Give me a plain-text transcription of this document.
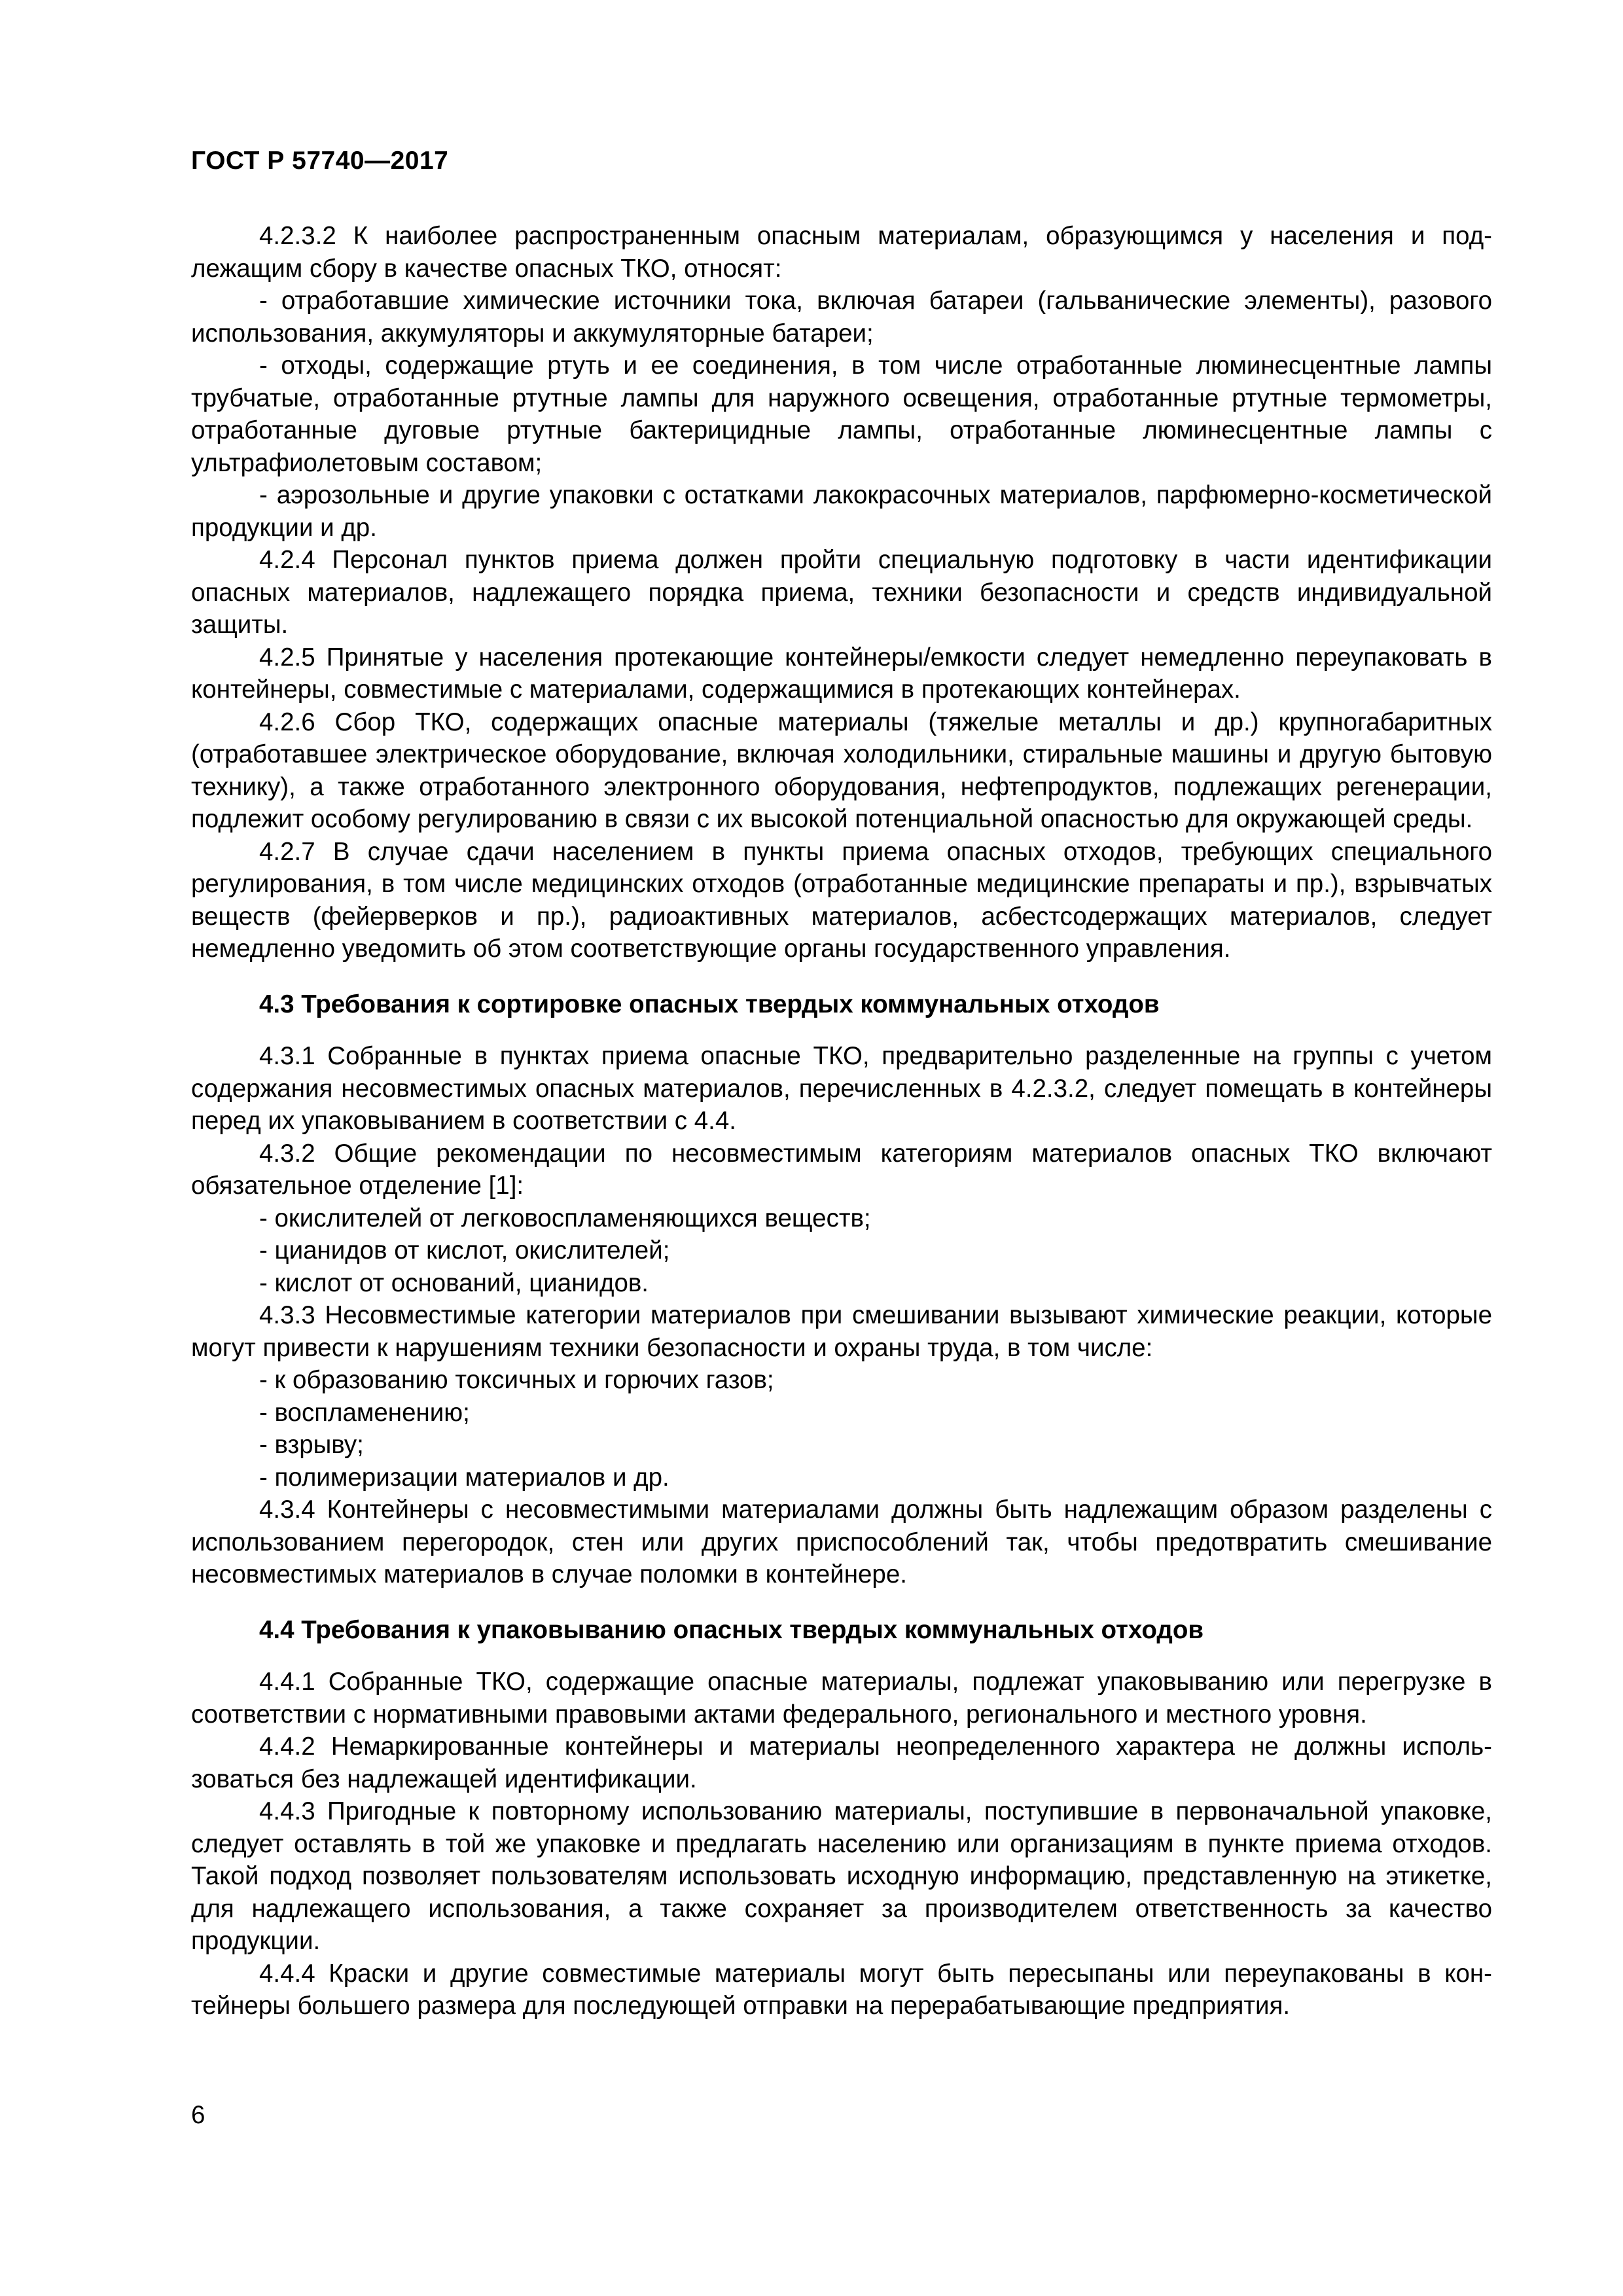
ГОСТ Р 57740—2017

4.2.3.2 К наиболее распространенным опасным материалам, образующимся у населения и подлежащим сбору в качестве опасных ТКО, относят:

- отработавшие химические источники тока, включая батареи (гальванические элементы), разового использования, аккумуляторы и аккумуляторные батареи;

- отходы, содержащие ртуть и ее соединения, в том числе отработанные люминесцентные лампы трубчатые, отработанные ртутные лампы для наружного освещения, отработанные ртутные термометры, отработанные дуговые ртутные бактерицидные лампы, отработанные люминесцентные лампы с ультрафиолетовым составом;

- аэрозольные и другие упаковки с остатками лакокрасочных материалов, парфюмерно-косметической продукции и др.

4.2.4 Персонал пунктов приема должен пройти специальную подготовку в части идентификации опасных материалов, надлежащего порядка приема, техники безопасности и средств индивидуальной защиты.

4.2.5 Принятые у населения протекающие контейнеры/емкости следует немедленно переупаковать в контейнеры, совместимые с материалами, содержащимися в протекающих контейнерах.

4.2.6 Сбор ТКО, содержащих опасные материалы (тяжелые металлы и др.) крупногабаритных (отработавшее электрическое оборудование, включая холодильники, стиральные машины и другую бытовую технику), а также отработанного электронного оборудования, нефтепродуктов, подлежащих регенерации, подлежит особому регулированию в связи с их высокой потенциальной опасностью для окружающей среды.

4.2.7 В случае сдачи населением в пункты приема опасных отходов, требующих специального регулирования, в том числе медицинских отходов (отработанные медицинские препараты и пр.), взрывчатых веществ (фейерверков и пр.), радиоактивных материалов, асбестсодержащих материалов, следует немедленно уведомить об этом соответствующие органы государственного управления.

4.3 Требования к сортировке опасных твердых коммунальных отходов

4.3.1 Собранные в пунктах приема опасные ТКО, предварительно разделенные на группы с учетом содержания несовместимых опасных материалов, перечисленных в 4.2.3.2, следует помещать в контейнеры перед их упаковыванием в соответствии с 4.4.

4.3.2 Общие рекомендации по несовместимым категориям материалов опасных ТКО включают обязательное отделение [1]:

- окислителей от легковоспламеняющихся веществ;

- цианидов от кислот, окислителей;

- кислот от оснований, цианидов.

4.3.3 Несовместимые категории материалов при смешивании вызывают химические реакции, которые могут привести к нарушениям техники безопасности и охраны труда, в том числе:

- к образованию токсичных и горючих газов;

- воспламенению;

- взрыву;

- полимеризации материалов и др.

4.3.4 Контейнеры с несовместимыми материалами должны быть надлежащим образом разделены с использованием перегородок, стен или других приспособлений так, чтобы предотвратить смешивание несовместимых материалов в случае поломки в контейнере.

4.4 Требования к упаковыванию опасных твердых коммунальных отходов

4.4.1 Собранные ТКО, содержащие опасные материалы, подлежат упаковыванию или перегрузке в соответствии с нормативными правовыми актами федерального, регионального и местного уровня.

4.4.2 Немаркированные контейнеры и материалы неопределенного характера не должны использоваться без надлежащей идентификации.

4.4.3 Пригодные к повторному использованию материалы, поступившие в первоначальной упаковке, следует оставлять в той же упаковке и предлагать населению или организациям в пункте приема отходов. Такой подход позволяет пользователям использовать исходную информацию, представленную на этикетке, для надлежащего использования, а также сохраняет за производителем ответственность за качество продукции.

4.4.4 Краски и другие совместимые материалы могут быть пересыпаны или переупакованы в контейнеры большего размера для последующей отправки на перерабатывающие предприятия.

6
